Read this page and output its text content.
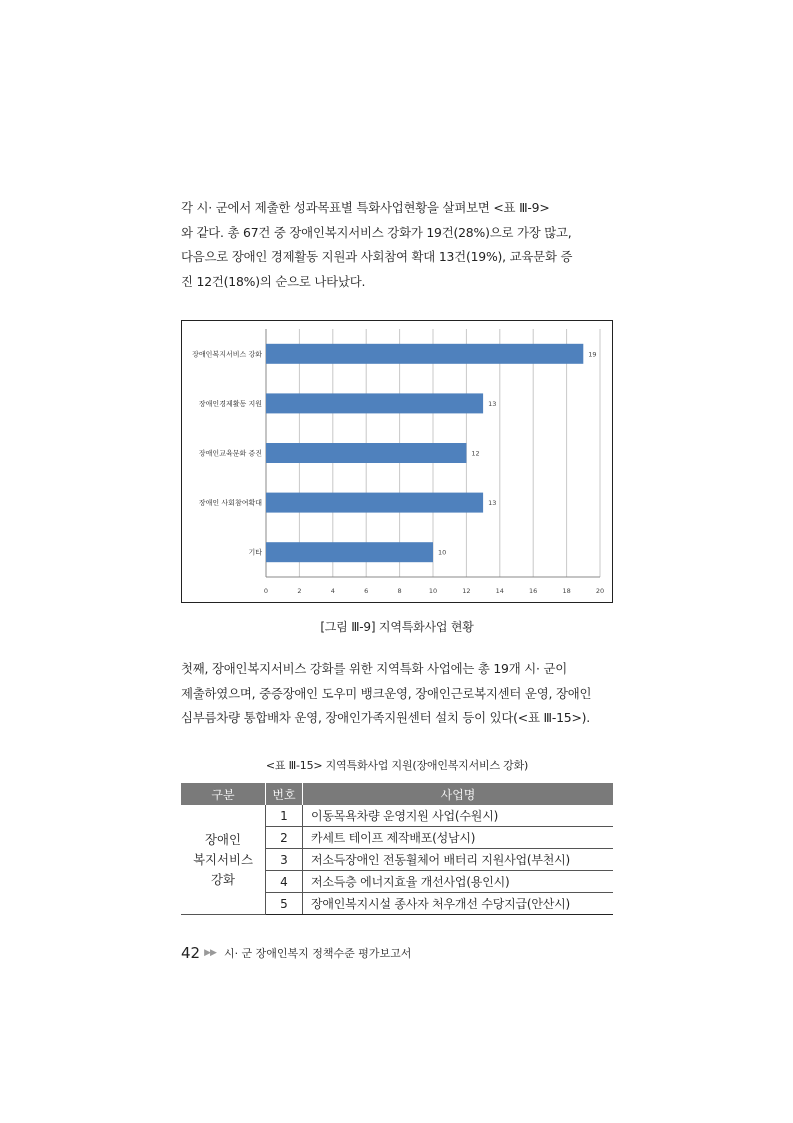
각 시· 군에서 제출한 성과목표별 특화사업현황을 살펴보면 <표 Ⅲ-9>
와 같다. 총 67건 중 장애인복지서비스 강화가 19건(28%)으로 가장 많고,
다음으로 장애인 경제활동 지원과 사회참여 확대 13건(19%), 교육문화 증
진 12건(18%)의 순으로 나타났다.
0	2	4	6	8	10	12	14	16	18	20
장애인복지서비스 강화	19
장애인경제활동 지원	13
장애인교육문화 증진	12
장애인 사회참여확대	13
기타	10
[그림 Ⅲ-9] 지역특화사업 현황
첫째, 장애인복지서비스 강화를 위한 지역특화 사업에는 총 19개 시· 군이
제출하였으며, 중증장애인 도우미 뱅크운영, 장애인근로복지센터 운영, 장애인
심부름차량 통합배차 운영, 장애인가족지원센터 설치 등이 있다(<표 Ⅲ-15>).
<표 Ⅲ-15> 지역특화사업 지원(장애인복지서비스 강화)
구분	번호	사업명

장애인
복지서비스
강화	1	이동목욕차량 운영지원 사업(수원시)
	2	카세트 테이프 제작배포(성남시)
	3	저소득장애인 전동휠체어 배터리 지원사업(부천시)
	4	저소득층 에너지효율 개선사업(용인시)
	5	장애인복지시설 종사자 처우개선 수당지급(안산시)
42 ▶▶ 시· 군 장애인복지 정책수준 평가보고서
